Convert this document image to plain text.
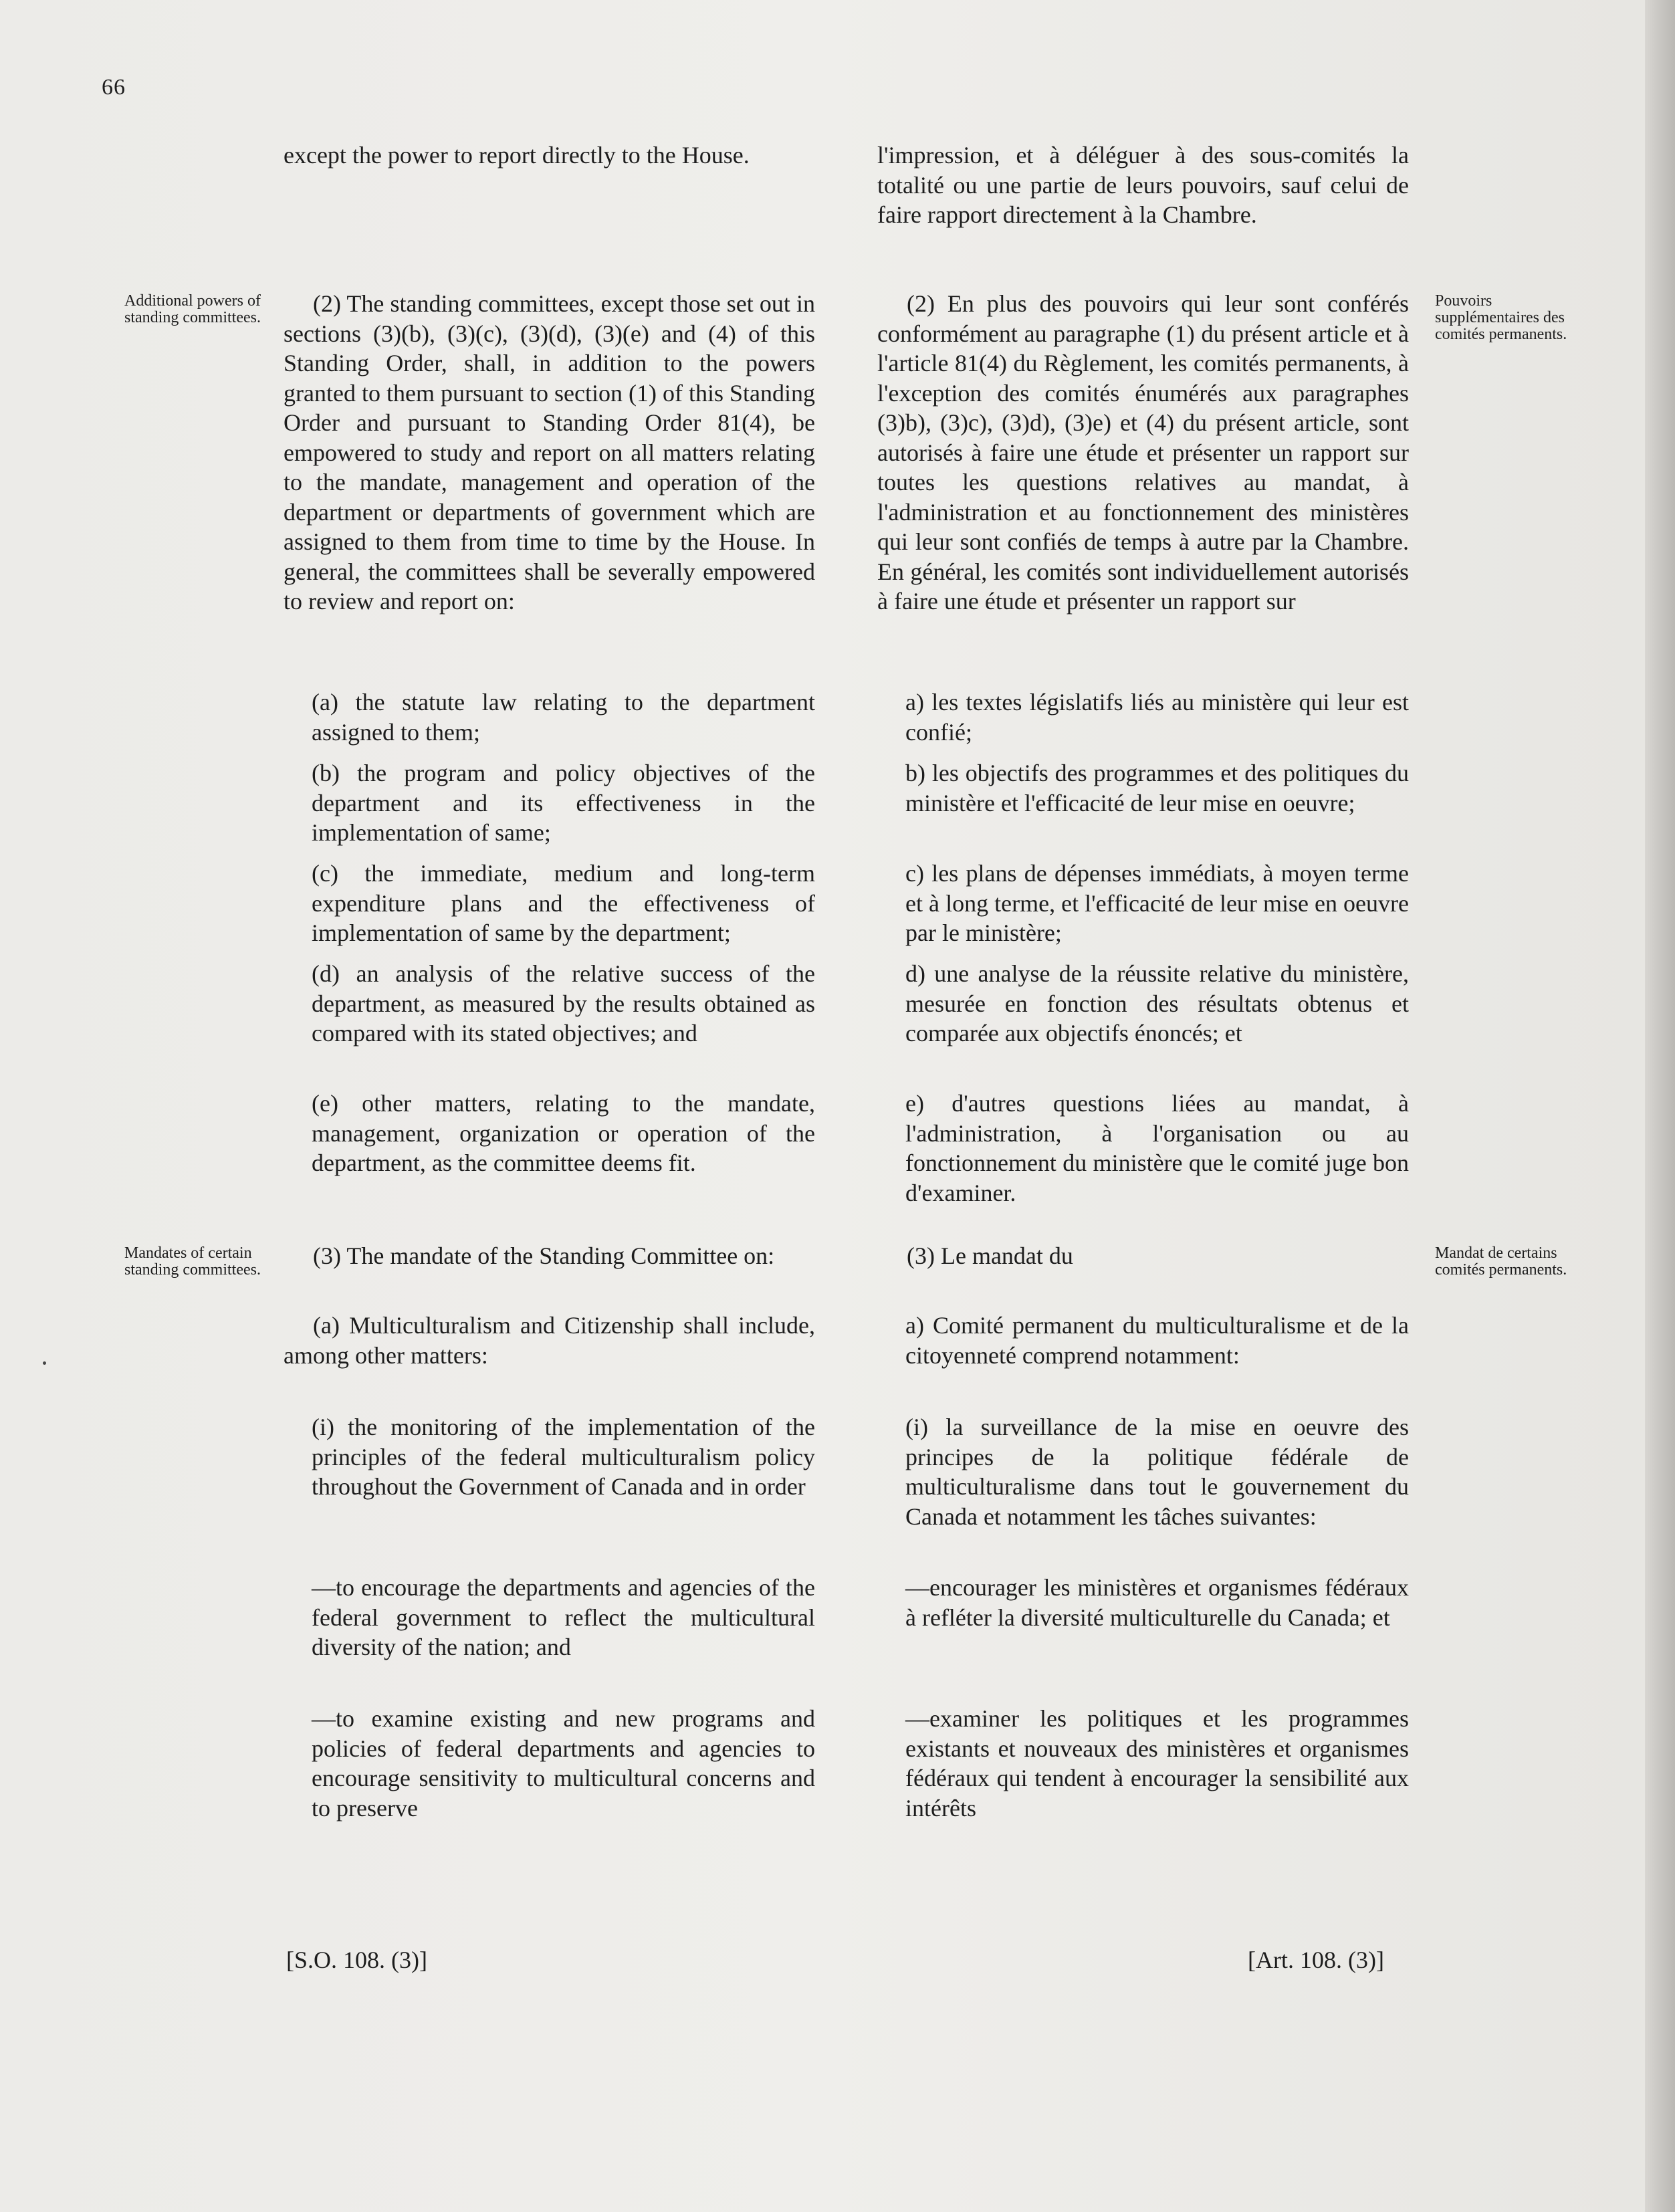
66

except the power to report directly to the House.

(2) The standing committees, except those set out in sections (3)(b), (3)(c), (3)(d), (3)(e) and (4) of this Standing Order, shall, in addition to the powers granted to them pursuant to section (1) of this Standing Order and pursuant to Standing Order 81(4), be empowered to study and report on all matters relating to the mandate, management and operation of the department or departments of government which are assigned to them from time to time by the House. In general, the committees shall be severally empowered to review and report on:

(a) the statute law relating to the department assigned to them;

(b) the program and policy objectives of the department and its effectiveness in the implementation of same;

(c) the immediate, medium and long-term expenditure plans and the effectiveness of implementation of same by the department;

(d) an analysis of the relative success of the department, as measured by the results obtained as compared with its stated objectives; and

(e) other matters, relating to the mandate, management, organization or operation of the department, as the committee deems fit.

(3) The mandate of the Standing Committee on:

(a) Multiculturalism and Citizenship shall include, among other matters:

(i) the monitoring of the implementation of the principles of the federal multiculturalism policy throughout the Government of Canada and in order

—to encourage the departments and agencies of the federal government to reflect the multicultural diversity of the nation; and

—to examine existing and new programs and policies of federal departments and agencies to encourage sensitivity to multicultural concerns and to preserve

l'impression, et à déléguer à des sous-comités la totalité ou une partie de leurs pouvoirs, sauf celui de faire rapport directement à la Chambre.

(2) En plus des pouvoirs qui leur sont conférés conformément au paragraphe (1) du présent article et à l'article 81(4) du Règlement, les comités permanents, à l'exception des comités énumérés aux paragraphes (3)b), (3)c), (3)d), (3)e) et (4) du présent article, sont autorisés à faire une étude et présenter un rapport sur toutes les questions relatives au mandat, à l'administration et au fonctionnement des ministères qui leur sont confiés de temps à autre par la Chambre. En général, les comités sont individuellement autorisés à faire une étude et présenter un rapport sur

a) les textes législatifs liés au ministère qui leur est confié;

b) les objectifs des programmes et des politiques du ministère et l'efficacité de leur mise en oeuvre;

c) les plans de dépenses immédiats, à moyen terme et à long terme, et l'efficacité de leur mise en oeuvre par le ministère;

d) une analyse de la réussite relative du ministère, mesurée en fonction des résultats obtenus et comparée aux objectifs énoncés; et

e) d'autres questions liées au mandat, à l'administration, à l'organisation ou au fonctionnement du ministère que le comité juge bon d'examiner.

(3) Le mandat du

a) Comité permanent du multiculturalisme et de la citoyenneté comprend notamment:

(i) la surveillance de la mise en oeuvre des principes de la politique fédérale de multiculturalisme dans tout le gouvernement du Canada et notamment les tâches suivantes:

—encourager les ministères et organismes fédéraux à refléter la diversité multiculturelle du Canada; et

—examiner les politiques et les programmes existants et nouveaux des ministères et organismes fédéraux qui tendent à encourager la sensibilité aux intérêts

Additional powers of standing committees.
Mandates of certain standing committees.
Pouvoirs supplémentaires des comités permanents.
Mandat de certains comités permanents.
[S.O. 108. (3)]	[Art. 108. (3)]
